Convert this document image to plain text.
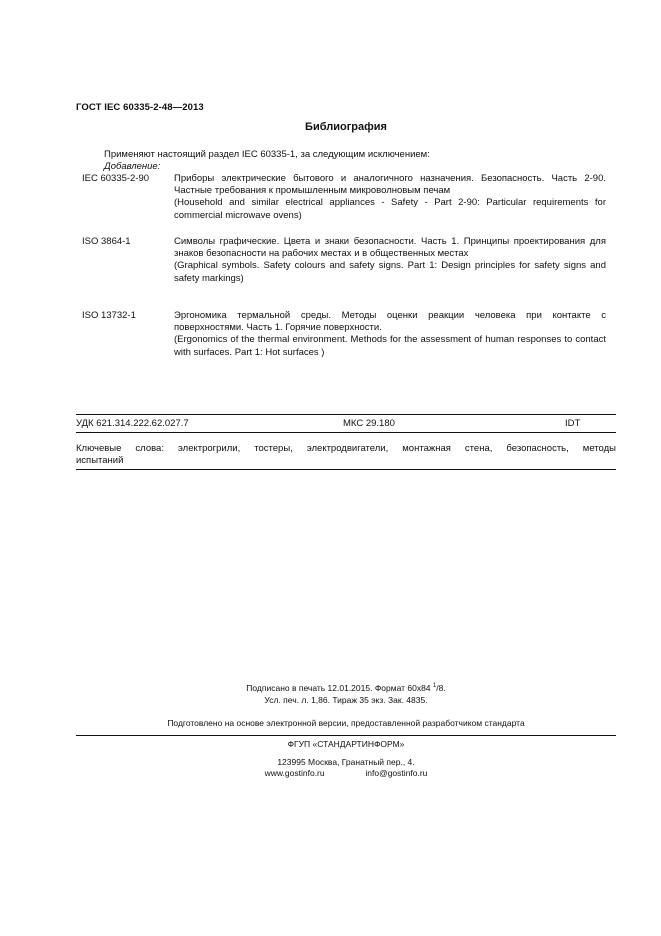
ГОСТ IEC 60335-2-48—2013
Библиография
Применяют настоящий раздел IEC 60335-1, за следующим исключением:
Добавление:
IEC 60335-2-90	Приборы электрические бытового и аналогичного назначения. Безопасность. Часть 2-90. Частные требования к промышленным микроволновым печам

(Household and similar electrical appliances - Safety - Part 2-90: Particular requirements for commercial microwave ovens)

ISO 3864-1	Символы графические. Цвета и знаки безопасности. Часть 1. Принципы проектирования для знаков безопасности на рабочих местах и в общественных местах

(Graphical symbols. Safety colours and safety signs. Part 1: Design principles for safety signs and safety markings)

ISO 13732-1	Эргономика термальной среды. Методы оценки реакции человека при контакте с поверхностями. Часть 1. Горячие поверхности.

(Ergonomics of the thermal environment. Methods for the assessment of human responses to contact with surfaces. Part 1: Hot surfaces )

УДК 621.314.222.62.027.7	МКС 29.180	IDT
Ключевые слова: электрогрили, тостеры, электродвигатели, монтажная стена, безопасность, методы
испытаний
Подписано в печать 12.01.2015. Формат 60х84 $^1$/8.
Усл. печ. л. 1,86. Тираж 35 экз. Зак. 4835.
Подготовлено на основе электронной версии, предоставленной разработчиком стандарта
ФГУП «СТАНДАРТИНФОРМ»
123995 Москва, Гранатный пер., 4.
www.gostinfo.ru	info@gostinfo.ru
